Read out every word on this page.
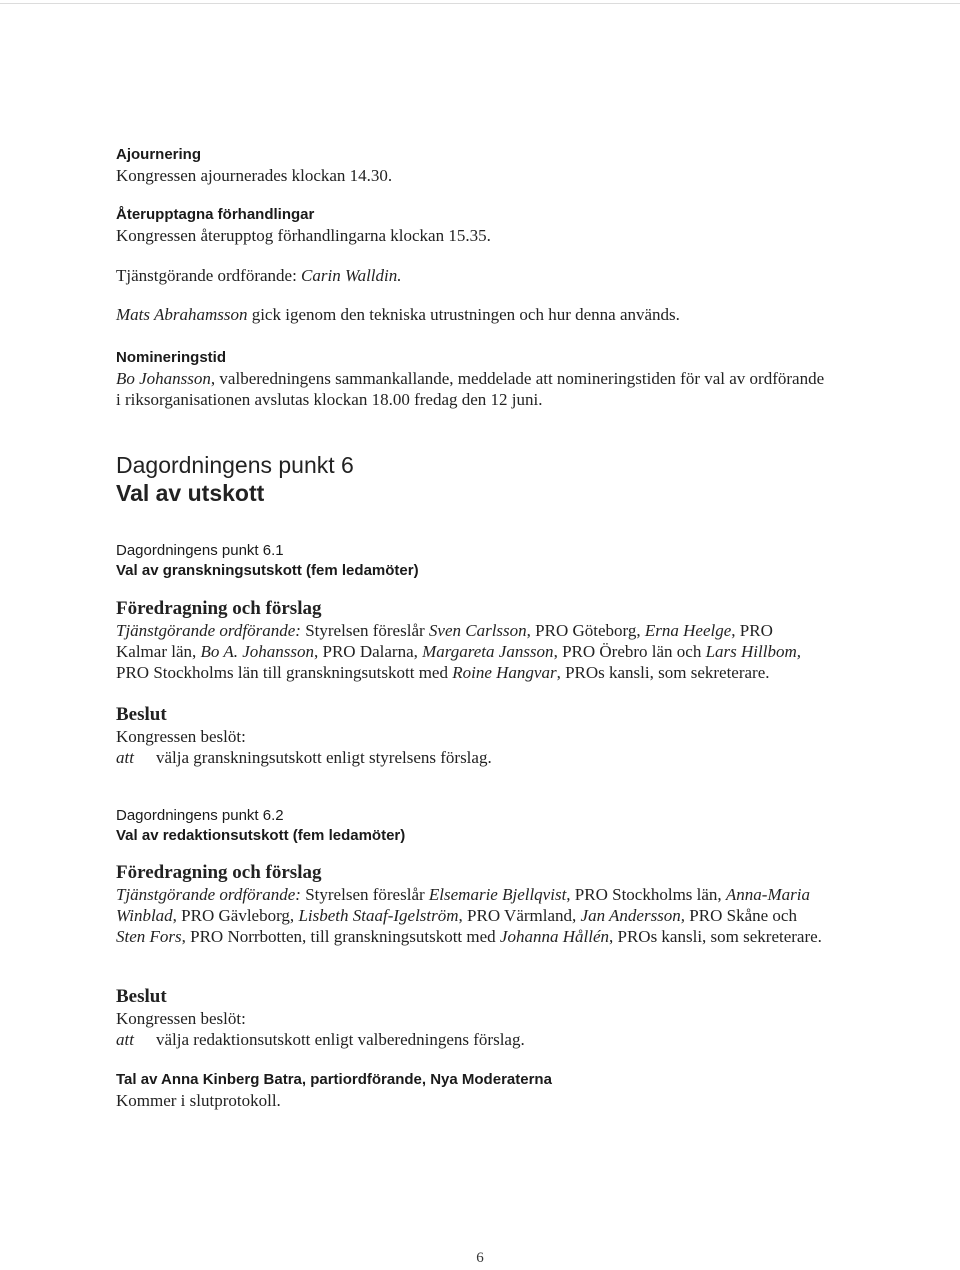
Ajournering
Kongressen ajournerades klockan 14.30.
Återupptagna förhandlingar
Kongressen återupptog förhandlingarna klockan 15.35.
Tjänstgörande ordförande: Carin Walldin.
Mats Abrahamsson gick igenom den tekniska utrustningen och hur denna används.
Nomineringstid
Bo Johansson, valberedningens sammankallande, meddelade att nomineringstiden för val av ordförande i riksorganisationen avslutas klockan 18.00 fredag den 12 juni.
Dagordningens punkt 6
Val av utskott
Dagordningens punkt 6.1
Val av granskningsutskott (fem ledamöter)
Föredragning och förslag
Tjänstgörande ordförande: Styrelsen föreslår Sven Carlsson, PRO Göteborg, Erna Heelge, PRO Kalmar län, Bo A. Johansson, PRO Dalarna, Margareta Jansson, PRO Örebro län och Lars Hillbom, PRO Stockholms län till granskningsutskott med Roine Hangvar, PROs kansli, som sekreterare.
Beslut
Kongressen beslöt:
att	välja granskningsutskott enligt styrelsens förslag.
Dagordningens punkt 6.2
Val av redaktionsutskott (fem ledamöter)
Föredragning och förslag
Tjänstgörande ordförande: Styrelsen föreslår Elsemarie Bjellqvist, PRO Stockholms län, Anna-Maria Winblad, PRO Gävleborg, Lisbeth Staaf-Igelström, PRO Värmland, Jan Andersson, PRO Skåne och Sten Fors, PRO Norrbotten, till granskningsutskott med Johanna Hållén, PROs kansli, som sekreterare.
Beslut
Kongressen beslöt:
att	välja redaktionsutskott enligt valberedningens förslag.
Tal av Anna Kinberg Batra, partiordförande, Nya Moderaterna
Kommer i slutprotokoll.
6
